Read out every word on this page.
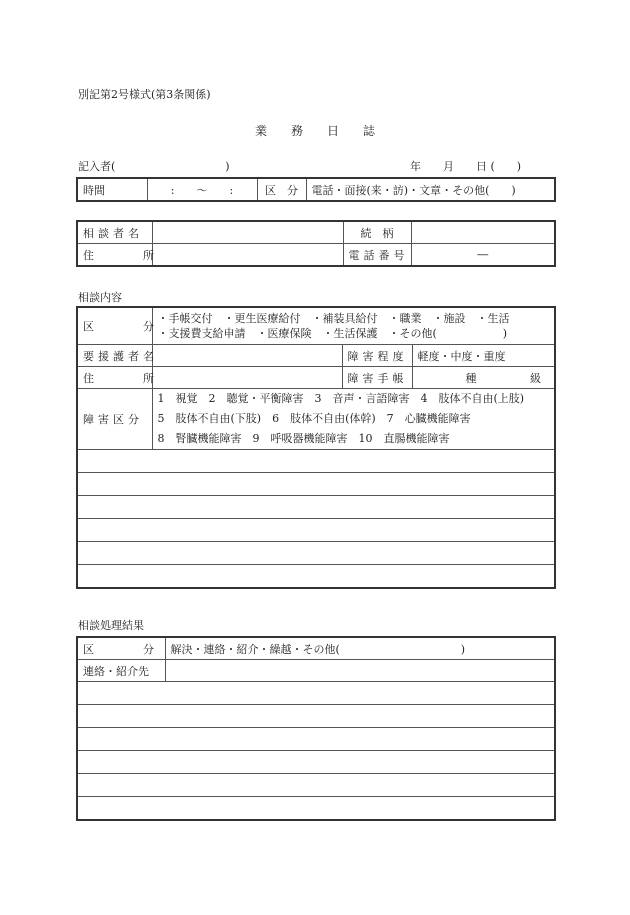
別記第2号様式(第3条関係)
業　　務　　日　　誌
記入者(　　　　　　　　　　)	年　　月　　日 (　　)
時間	:　　〜　　:	区　分	電話・面接(来・訪)・文章・その他(　　)
相談者名		続　柄	
住　　所		電話番号	―
相談内容
区　　分	・手帳交付　・更生医療給付　・補装具給付　・職業　・施設　・生活
・支援費支給申請　・医療保険　・生活保護　・その他(　　　　　　)		

要援護者名		障害程度	軽度・中度・重度
住　　所		障害手帳	種 級

障害区分	1　視覚　2　聴覚・平衡障害　3　音声・言語障害　4　肢体不自由(上肢)
5　肢体不自由(下肢)　6　肢体不自由(体幹)　7　心臓機能障害
8　腎臓機能障害　9　呼吸器機能障害　10　直腸機能障害		

相談処理結果
区　　分	解決・連絡・紹介・繰越・その他(　　　　　　　　　　　)
連絡・紹介先	
